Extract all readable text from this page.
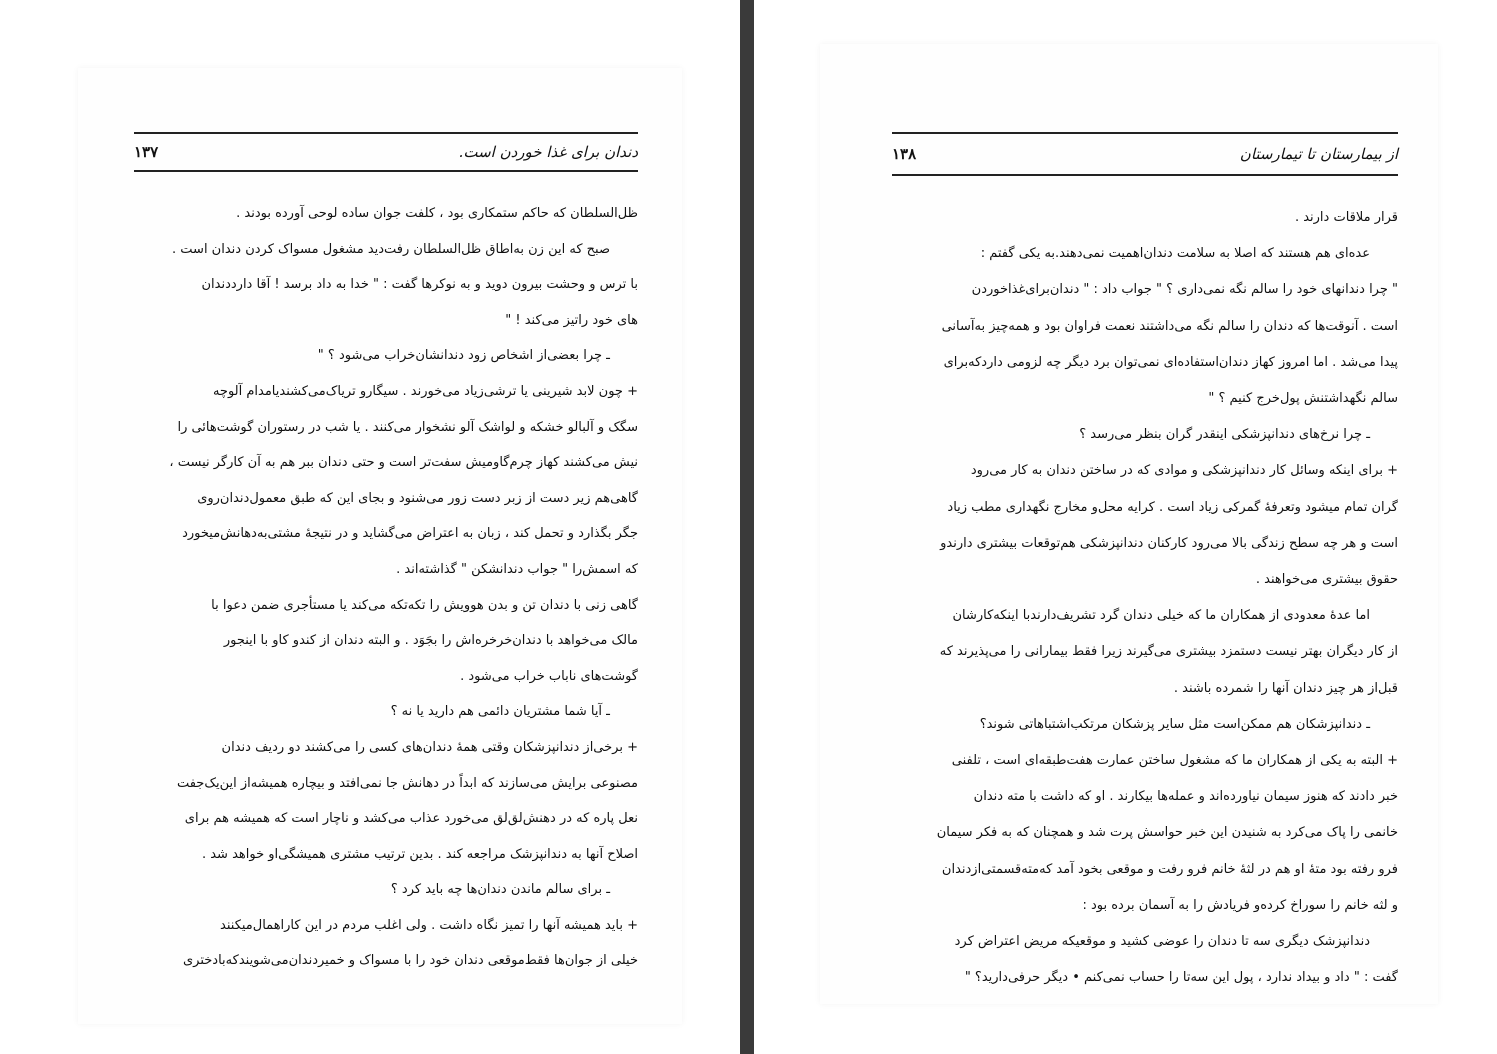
دندان برای غذا خوردن است.
۱۳۷
ظل‌السلطان که حاکم ستمکاری بود ، کلفت جوان ساده لوحی آورده بودند .
صبح که این زن به‌اطاق ظل‌السلطان رفت‌دید مشغول مسواک کردن دندان است .
با ترس و وحشت بیرون دوید و به نوکرها گفت : " خدا به داد برسد ! آقا دارددندان
های خود راتیز می‌کند ! "
ـ چرا بعضی‌از اشخاص زود دندانشان‌خراب می‌شود ؟ "
+ چون لابد شیرینی یا ترشی‌زیاد می‌خورند . سیگارو تریاک‌می‌کشندیامدام آلوچه
سگک و آلبالو خشکه و لواشک آلو نشخوار می‌کنند . یا شب در رستوران گوشت‌هائی را
نیش می‌کشند کهاز چرم‌گاومیش سفت‌تر است و حتی دندان ببر هم به آن کارگر نیست ،
گاهی‌هم زیر دست از زبر دست زور می‌شنود و بجای این که طبق معمول‌دندان‌روی
جگر بگذارد و تحمل کند ، زبان به اعتراض می‌گشاید و در نتیجه‌ٔ مشتی‌به‌دهانش‌میخورد
که اسمش‌را " جواب دندانشکن " گذاشته‌اند .
گاهی زنی با دندان تن و بدن هوویش را تکه‌تکه می‌کند یا مستأجری ضمن دعوا با
مالک می‌خواهد با دندان‌خرخره‌اش را بجَوَد . و البته دندان از کندو کاو با اینجور
گوشت‌های ناباب خراب می‌شود .
ـ آیا شما مشتریان دائمی هم دارید یا نه ؟
+ برخی‌از دندانپزشکان‌ وقتی همهٔ دندان‌های کسی را می‌کشند دو ردیف دندان
مصنوعی برایش می‌سازند که ابداً در دهانش جا نمی‌افتد و بیچاره همیشه‌از این‌یک‌جفت
نعل پاره که در دهنش‌لق‌لق می‌خورد عذاب می‌کشد و ناچار است که همیشه هم برای
اصلاح آنها به دندانپزشک مراجعه کند . بدین ترتیب مشتری همیشگی‌او خواهد شد .
ـ برای سالم ماندن دندان‌ها چه باید کرد ؟
+ باید همیشه آنها را تمیز نگاه داشت . ولی اغلب مردم در این کاراهمال‌میکنند
خیلی از جوان‌ها فقط‌موقعی دندان خود را با مسواک و خمیردندان‌می‌شویندکه‌بادختری
از بیمارستان تا تیمارستان
۱۳۸
قرار ملاقات دارند .
عده‌ای هم هستند که اصلا به سلامت دندان‌اهمیت نمی‌دهند.به یکی گفتم :
" چرا دندانهای خود را سالم نگه نمی‌داری ؟ " جواب داد : " دندان‌برای‌غذاخوردن
است . آنوقت‌ها که دندان را سالم نگه می‌داشتند نعمت فراوان بود و همه‌چیز به‌آسانی
پیدا می‌شد . اما امروز کهاز دندان‌استفاده‌ای نمی‌توان برد دیگر چه لزومی داردکه‌برای
سالم نگهداشتنش پول‌خرج کنیم ؟ "
ـ چرا نرخ‌های دندانپزشکی اینقدر گران بنظر می‌رسد ؟
+ برای اینکه وسائل کار دندانپزشکی و موادی که در ساختن دندان به کار می‌رود
گران تمام میشود وتعرفه‌ٔ گمرکی زیاد است . کرایه محل‌و مخارج نگهداری مطب زیاد
است و هر چه سطح زندگی بالا می‌رود کارکنان دندانپزشکی هم‌توقعات بیشتری دارندو
حقوق بیشتری می‌خواهند .
اما عدهٔ معدودی از همکاران ما که خیلی دندان گرد تشریف‌دارندبا اینکه‌کارشان
از کار دیگران بهتر نیست دستمزد بیشتری می‌گیرند زیرا فقط بیمارانی را می‌پذیرند که
قبل‌از هر چیز دندان آنها را شمرده باشند .
ـ دندانپزشکان هم ممکن‌است مثل سایر پزشکان مرتکب‌اشتباهاتی شوند؟
+ البته‌ به یکی از همکاران ما که مشغول ساختن عمارت هفت‌طبقه‌ای است ، تلفنی
خبر دادند که هنوز سیمان نیاورده‌اند و عمله‌ها بیکارند . او که داشت با مته دندان
خانمی را پاک می‌کرد به شنیدن این خبر حواسش پرت شد و همچنان که به فکر سیمان
فرو رفته بود متهٔ او هم در لثهٔ خانم فرو رفت و موقعی بخود آمد که‌مته‌قسمتی‌ازدندان
و لثه خانم را سوراخ کرده‌و فریادش را به آسمان برده بود :
دندانپزشک دیگری سه تا دندان را عوضی کشید و موقعیکه مریض اعتراض کرد
گفت : " داد و بیداد ندارد ، پول این سه‌تا را حساب نمی‌کنم • دیگر حرفی‌دارید؟ "
